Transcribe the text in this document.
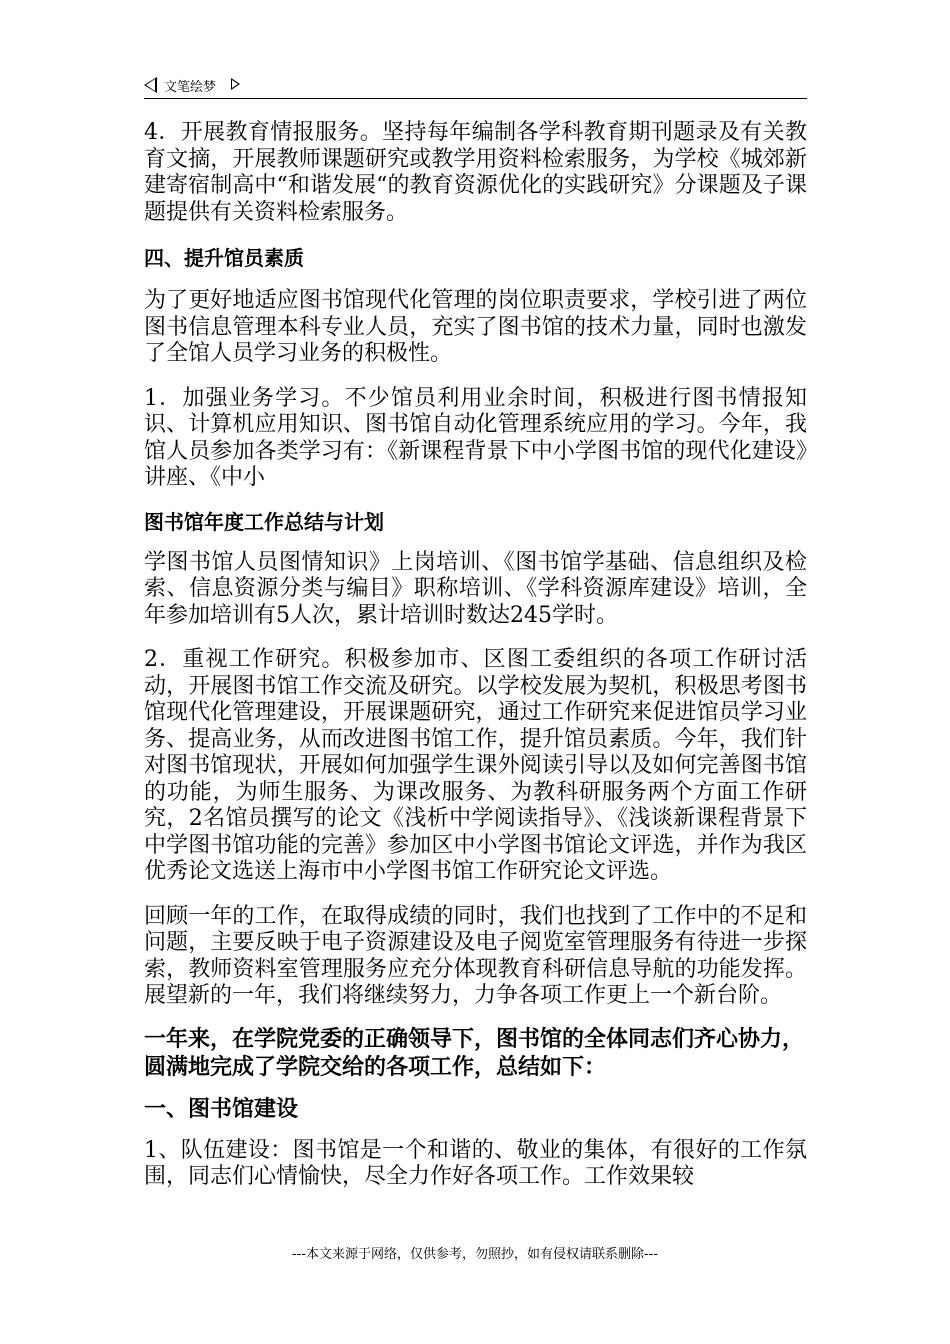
文笔绘梦

4．开展教育情报服务。坚持每年编制各学科教育期刊题录及有关教育文摘，开展教师课题研究或教学用资料检索服务，为学校《城郊新建寄宿制高中“和谐发展“的教育资源优化的实践研究》分课题及子课题提供有关资料检索服务。

四、提升馆员素质

为了更好地适应图书馆现代化管理的岗位职责要求，学校引进了两位图书信息管理本科专业人员，充实了图书馆的技术力量，同时也激发了全馆人员学习业务的积极性。

1．加强业务学习。不少馆员利用业余时间，积极进行图书情报知识、计算机应用知识、图书馆自动化管理系统应用的学习。今年，我馆人员参加各类学习有：《新课程背景下中小学图书馆的现代化建设》讲座、《中小

图书馆年度工作总结与计划

学图书馆人员图情知识》上岗培训、《图书馆学基础、信息组织及检索、信息资源分类与编目》职称培训、《学科资源库建设》培训，全年参加培训有5人次，累计培训时数达245学时。

2．重视工作研究。积极参加市、区图工委组织的各项工作研讨活动，开展图书馆工作交流及研究。以学校发展为契机，积极思考图书馆现代化管理建设，开展课题研究，通过工作研究来促进馆员学习业务、提高业务，从而改进图书馆工作，提升馆员素质。今年，我们针对图书馆现状，开展如何加强学生课外阅读引导以及如何完善图书馆的功能，为师生服务、为课改服务、为教科研服务两个方面工作研究，2名馆员撰写的论文《浅析中学阅读指导》、《浅谈新课程背景下中学图书馆功能的完善》参加区中小学图书馆论文评选，并作为我区优秀论文选送上海市中小学图书馆工作研究论文评选。

回顾一年的工作，在取得成绩的同时，我们也找到了工作中的不足和问题，主要反映于电子资源建设及电子阅览室管理服务有待进一步探索，教师资料室管理服务应充分体现教育科研信息导航的功能发挥。展望新的一年，我们将继续努力，力争各项工作更上一个新台阶。

一年来，在学院党委的正确领导下，图书馆的全体同志们齐心协力，圆满地完成了学院交给的各项工作，总结如下：
一、图书馆建设

1、队伍建设：图书馆是一个和谐的、敬业的集体，有很好的工作氛围，同志们心情愉快，尽全力作好各项工作。工作效果较

---本文来源于网络，仅供参考，勿照抄，如有侵权请联系删除---
